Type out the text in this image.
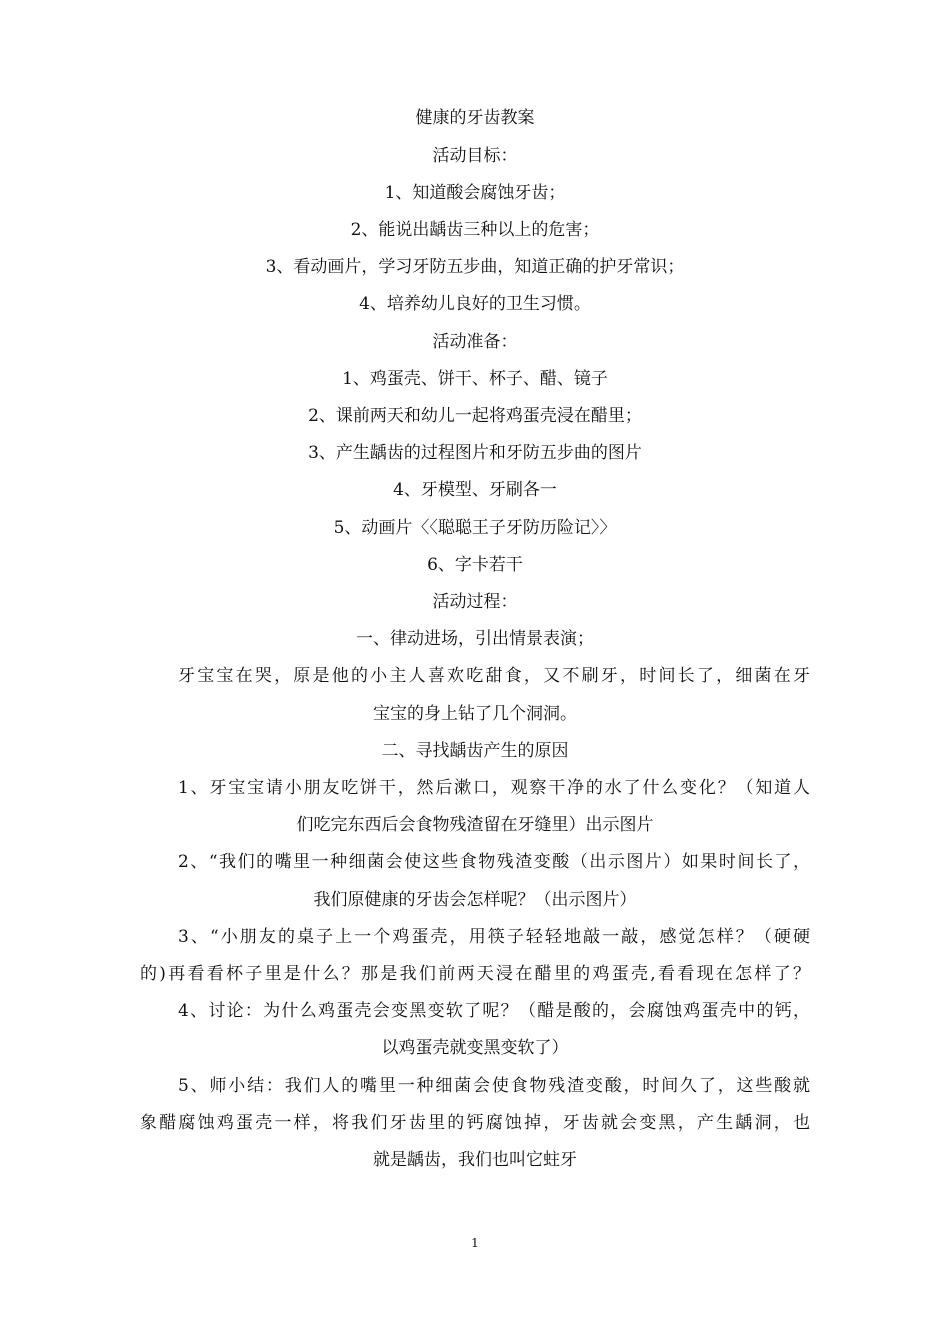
健康的牙齿教案
活动目标：
1、知道酸会腐蚀牙齿；
2、能说出龋齿三种以上的危害；
3、看动画片，学习牙防五步曲，知道正确的护牙常识；
4、培养幼儿良好的卫生习惯。
活动准备：
1、鸡蛋壳、饼干、杯子、醋、镜子
2、课前两天和幼儿一起将鸡蛋壳浸在醋里；
3、产生龋齿的过程图片和牙防五步曲的图片
4、牙模型、牙刷各一
5、动画片〈〈聪聪王子牙防历险记〉〉
6、字卡若干
活动过程：
一、律动进场，引出情景表演；
牙宝宝在哭，原是他的小主人喜欢吃甜食，又不刷牙，时间长了，细菌在牙
宝宝的身上钻了几个洞洞。
二、寻找龋齿产生的原因
1、牙宝宝请小朋友吃饼干，然后漱口，观察干净的水了什么变化？（知道人
们吃完东西后会食物残渣留在牙缝里）出示图片
2、“我们的嘴里一种细菌会使这些食物残渣变酸（出示图片）如果时间长了，
我们原健康的牙齿会怎样呢？（出示图片）
3、“小朋友的桌子上一个鸡蛋壳，用筷子轻轻地敲一敲，感觉怎样？（硬硬
的)再看看杯子里是什么？那是我们前两天浸在醋里的鸡蛋壳,看看现在怎样了？
4、讨论：为什么鸡蛋壳会变黑变软了呢？（醋是酸的，会腐蚀鸡蛋壳中的钙，
以鸡蛋壳就变黑变软了）
5、师小结：我们人的嘴里一种细菌会使食物残渣变酸，时间久了，这些酸就
象醋腐蚀鸡蛋壳一样，将我们牙齿里的钙腐蚀掉，牙齿就会变黑，产生龋洞，也
就是龋齿，我们也叫它蛀牙
1
